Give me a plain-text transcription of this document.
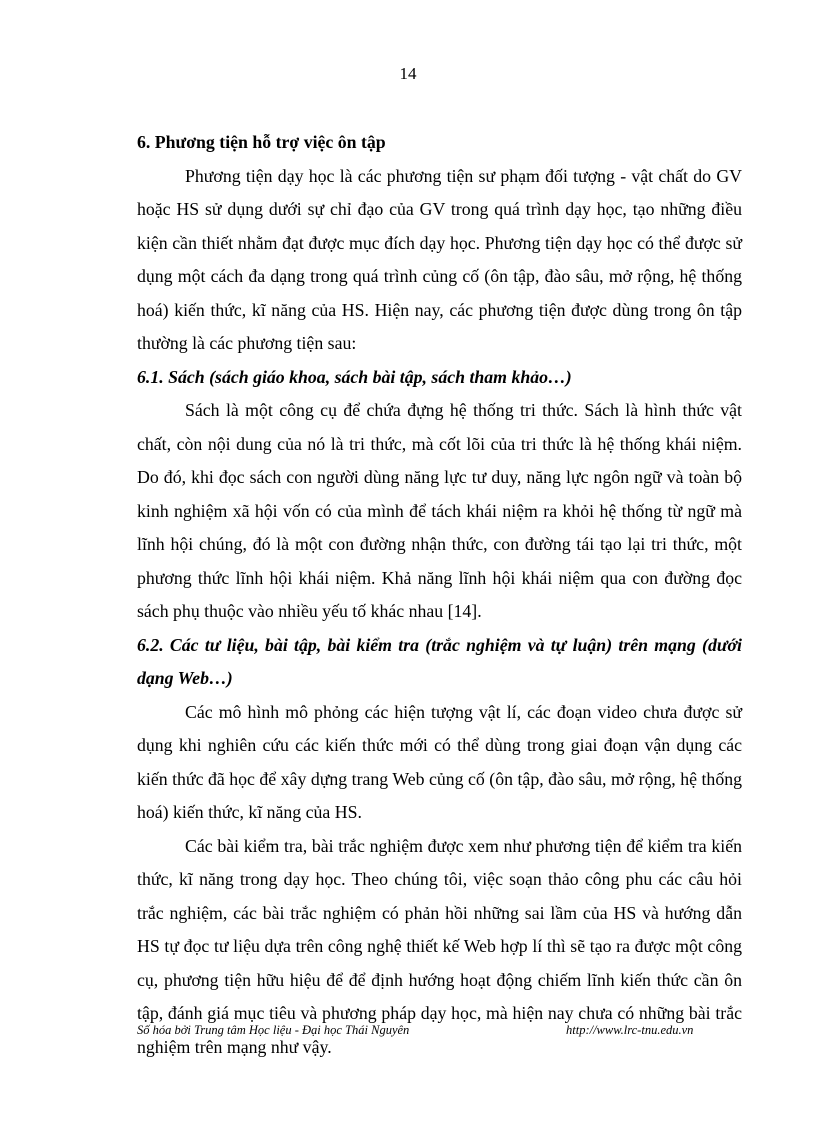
14

6. Phương tiện hỗ trợ việc ôn tập

Phương tiện dạy học là các phương tiện sư phạm đối tượng - vật chất do GV hoặc HS sử dụng dưới sự chỉ đạo của GV trong quá trình dạy học, tạo những điều kiện cần thiết nhằm đạt được mục đích dạy học. Phương tiện dạy học có thể được sử dụng một cách đa dạng trong quá trình củng cố (ôn tập, đào sâu, mở rộng, hệ thống hoá) kiến thức, kĩ năng của HS. Hiện nay, các phương tiện được dùng trong ôn tập thường là các phương tiện sau:

6.1. Sách (sách giáo khoa, sách bài tập, sách tham khảo…)

Sách là một công cụ để chứa đựng hệ thống tri thức. Sách là hình thức vật chất, còn nội dung của nó là tri thức, mà cốt lõi của tri thức là hệ thống khái niệm. Do đó, khi đọc sách con người dùng năng lực tư duy, năng lực ngôn ngữ và toàn bộ kinh nghiệm xã hội vốn có của mình để tách khái niệm ra khỏi hệ thống từ ngữ mà lĩnh hội chúng, đó là một con đường nhận thức, con đường tái tạo lại tri thức, một phương thức lĩnh hội khái niệm. Khả năng lĩnh hội khái niệm qua con đường đọc sách phụ thuộc vào nhiều yếu tố khác nhau [14].

6.2. Các tư liệu, bài tập, bài kiểm tra (trắc nghiệm và tự luận) trên mạng (dưới dạng Web…)

Các mô hình mô phỏng các hiện tượng vật lí, các đoạn video chưa được sử dụng khi nghiên cứu các kiến thức mới có thể dùng trong giai đoạn vận dụng các kiến thức đã học để xây dựng trang Web củng cố (ôn tập, đào sâu, mở rộng, hệ thống hoá) kiến thức, kĩ năng của HS.

Các bài kiểm tra, bài trắc nghiệm được xem như phương tiện để kiểm tra kiến thức, kĩ năng trong dạy học. Theo chúng tôi, việc soạn thảo công phu các câu hỏi trắc nghiệm, các bài trắc nghiệm có phản hồi những sai lầm của HS và hướng dẫn HS tự đọc tư liệu dựa trên công nghệ thiết kế Web hợp lí thì sẽ tạo ra được một công cụ, phương tiện hữu hiệu để để định hướng hoạt động chiếm lĩnh kiến thức cần ôn tập, đánh giá mục tiêu và phương pháp dạy học, mà hiện nay chưa có những bài trắc nghiệm trên mạng như vậy.

Số hóa bởi Trung tâm Học liệu - Đại học Thái Nguyên	http://www.lrc-tnu.edu.vn
